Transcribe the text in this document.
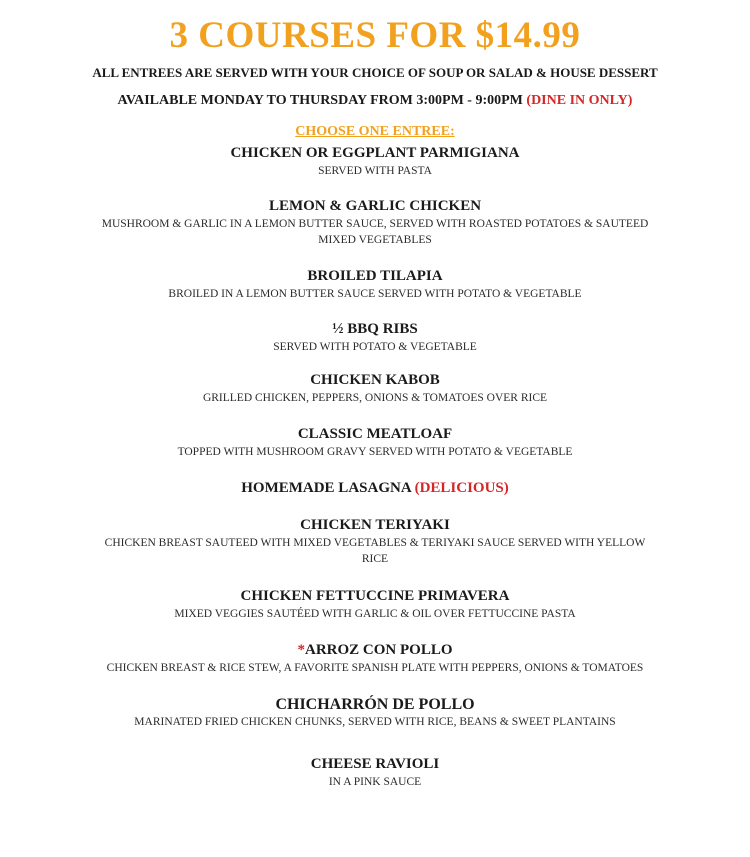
3 COURSES FOR $14.99
ALL ENTREES ARE SERVED WITH YOUR CHOICE OF SOUP OR SALAD & HOUSE DESSERT
AVAILABLE MONDAY TO THURSDAY FROM 3:00PM - 9:00PM (DINE IN ONLY)
CHOOSE ONE ENTREE:
CHICKEN OR EGGPLANT PARMIGIANA
SERVED WITH PASTA
LEMON & GARLIC CHICKEN
MUSHROOM & GARLIC IN A LEMON BUTTER SAUCE, SERVED WITH ROASTED POTATOES & SAUTEED MIXED VEGETABLES
BROILED TILAPIA
BROILED IN A LEMON BUTTER SAUCE SERVED WITH POTATO & VEGETABLE
½ BBQ RIBS
SERVED WITH POTATO & VEGETABLE
CHICKEN KABOB
GRILLED CHICKEN, PEPPERS, ONIONS & TOMATOES OVER RICE
CLASSIC MEATLOAF
TOPPED WITH MUSHROOM GRAVY SERVED WITH POTATO & VEGETABLE
HOMEMADE LASAGNA (DELICIOUS)
CHICKEN TERIYAKI
CHICKEN BREAST SAUTEED WITH MIXED VEGETABLES & TERIYAKI SAUCE SERVED WITH YELLOW RICE
CHICKEN FETTUCCINE PRIMAVERA
MIXED VEGGIES SAUTÉED WITH GARLIC & OIL OVER FETTUCCINE PASTA
*ARROZ CON POLLO
CHICKEN BREAST & RICE STEW, A FAVORITE SPANISH PLATE WITH PEPPERS, ONIONS & TOMATOES
CHICHARRÓN DE POLLO
MARINATED FRIED CHICKEN CHUNKS, SERVED WITH RICE, BEANS & SWEET PLANTAINS
CHEESE RAVIOLI
IN A PINK SAUCE
